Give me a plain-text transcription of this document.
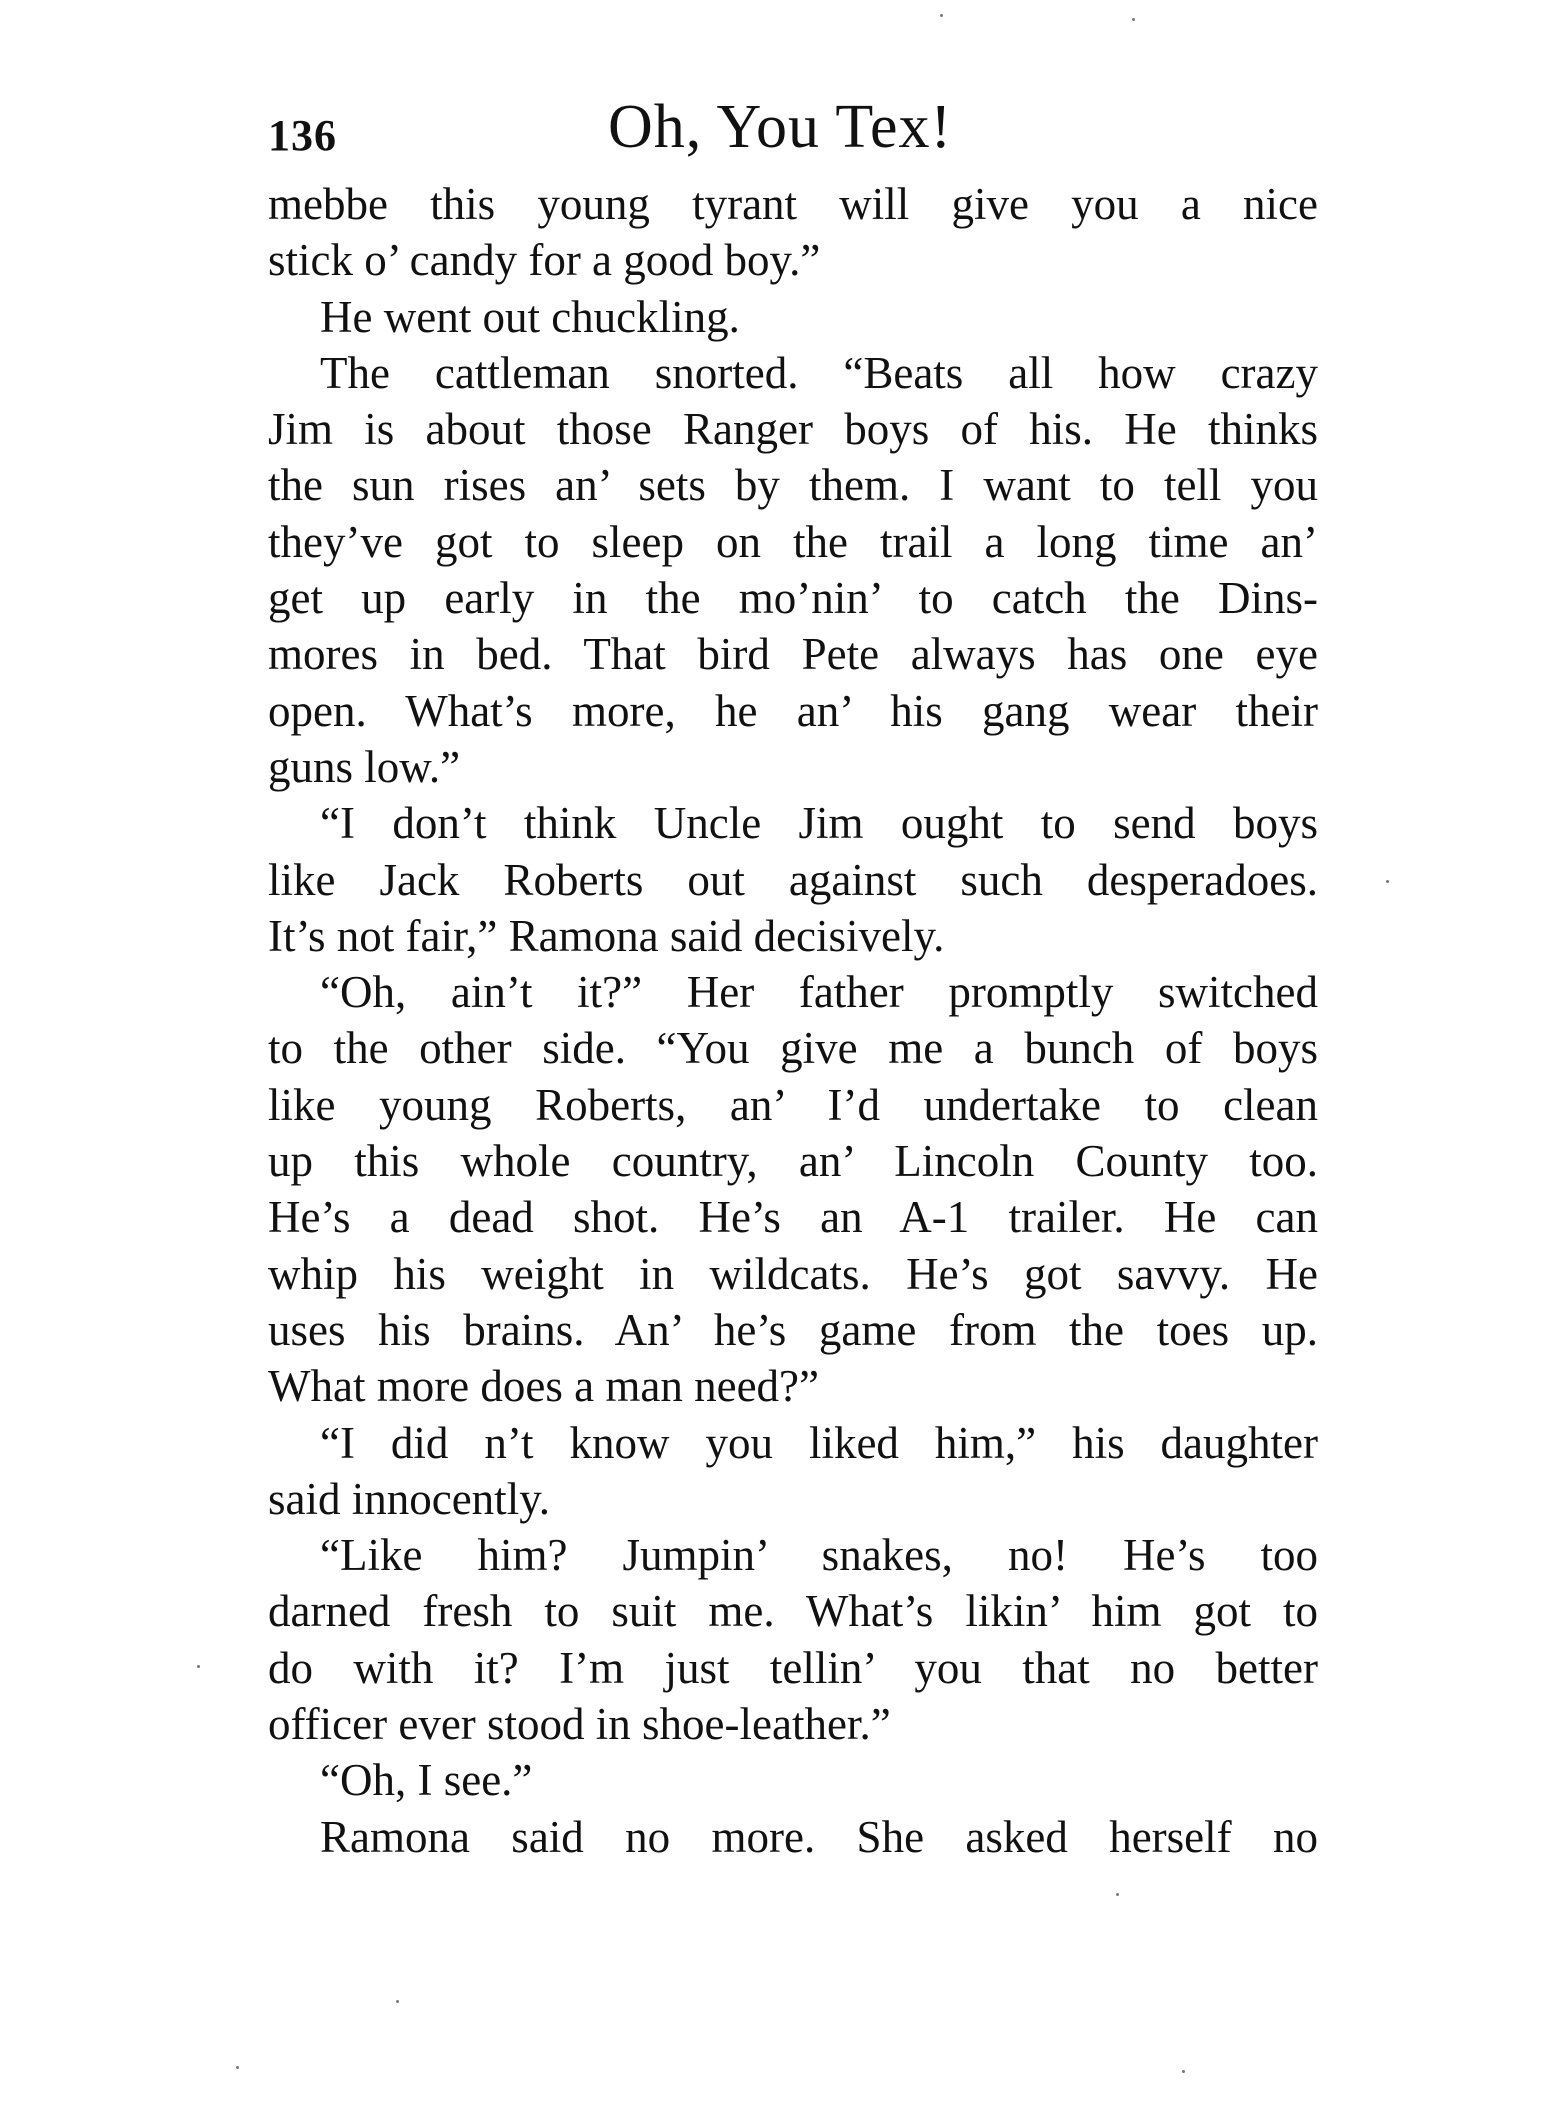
136	Oh, You Tex!
mebbe this young tyrant will give you a nice
stick o’ candy for a good boy.”
He went out chuckling.
The cattleman snorted. “Beats all how crazy
Jim is about those Ranger boys of his. He thinks
the sun rises an’ sets by them. I want to tell you
they’ve got to sleep on the trail a long time an’
get up early in the mo’nin’ to catch the Dins-
mores in bed. That bird Pete always has one eye
open. What’s more, he an’ his gang wear their
guns low.”
“I don’t think Uncle Jim ought to send boys
like Jack Roberts out against such desperadoes.
It’s not fair,” Ramona said decisively.
“Oh, ain’t it?” Her father promptly switched
to the other side. “You give me a bunch of boys
like young Roberts, an’ I’d undertake to clean
up this whole country, an’ Lincoln County too.
He’s a dead shot. He’s an A-1 trailer. He can
whip his weight in wildcats. He’s got savvy. He
uses his brains. An’ he’s game from the toes up.
What more does a man need?”
“I did n’t know you liked him,” his daughter
said innocently.
“Like him? Jumpin’ snakes, no! He’s too
darned fresh to suit me. What’s likin’ him got to
do with it? I’m just tellin’ you that no better
officer ever stood in shoe-leather.”
“Oh, I see.”
Ramona said no more. She asked herself no
